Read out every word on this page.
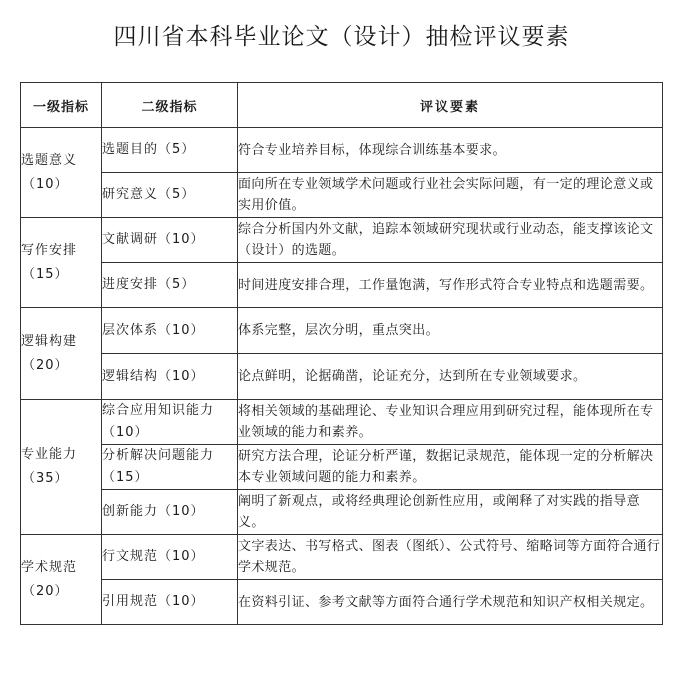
四川省本科毕业论文（设计）抽检评议要素
一级指标	二级指标	评议要素
选题意义
（10）	选题目的（5）	符合专业培养目标，体现综合训练基本要求。
	研究意义（5）	面向所在专业领域学术问题或行业社会实际问题，有一定的理论意义或实用价值。
写作安排
（15）	文献调研（10）	综合分析国内外文献，追踪本领域研究现状或行业动态，能支撑该论文（设计）的选题。
	进度安排（5）	时间进度安排合理，工作量饱满，写作形式符合专业特点和选题需要。
逻辑构建
（20）	层次体系（10）	体系完整，层次分明，重点突出。
	逻辑结构（10）	论点鲜明，论据确凿，论证充分，达到所在专业领域要求。
专业能力
（35）	综合应用知识能力（10）	将相关领域的基础理论、专业知识合理应用到研究过程，能体现所在专业领域的能力和素养。
	分析解决问题能力（15）	研究方法合理，论证分析严谨，数据记录规范，能体现一定的分析解决本专业领域问题的能力和素养。
	创新能力（10）	阐明了新观点，或将经典理论创新性应用，或阐释了对实践的指导意义。
学术规范
（20）	行文规范（10）	文字表达、书写格式、图表（图纸）、公式符号、缩略词等方面符合通行学术规范。
	引用规范（10）	在资料引证、参考文献等方面符合通行学术规范和知识产权相关规定。
